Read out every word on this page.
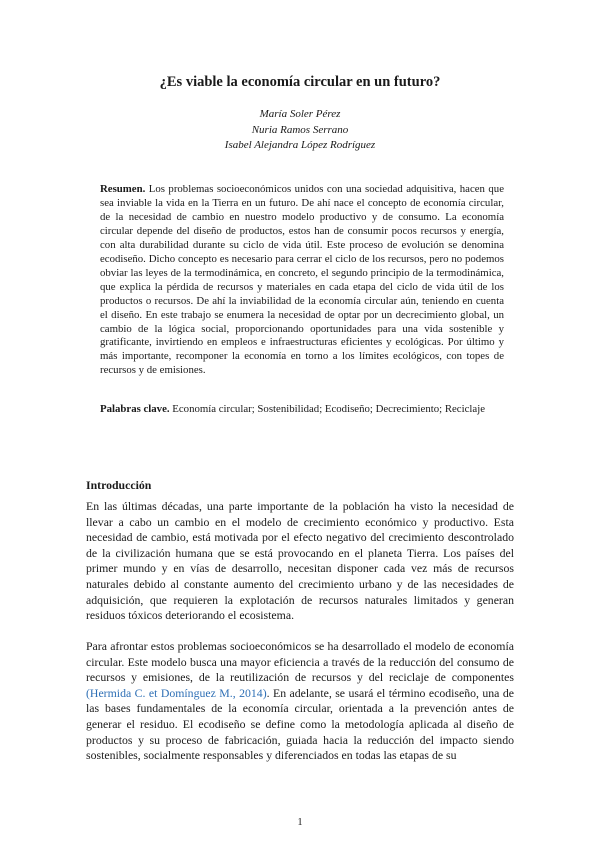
¿Es viable la economía circular en un futuro?
María Soler Pérez
Nuria Ramos Serrano
Isabel Alejandra López Rodríguez
Resumen. Los problemas socioeconómicos unidos con una sociedad adquisitiva, hacen que sea inviable la vida en la Tierra en un futuro. De ahí nace el concepto de economía circular, de la necesidad de cambio en nuestro modelo productivo y de consumo. La economía circular depende del diseño de productos, estos han de consumir pocos recursos y energía, con alta durabilidad durante su ciclo de vida útil. Este proceso de evolución se denomina ecodiseño. Dicho concepto es necesario para cerrar el ciclo de los recursos, pero no podemos obviar las leyes de la termodinámica, en concreto, el segundo principio de la termodinámica, que explica la pérdida de recursos y materiales en cada etapa del ciclo de vida útil de los productos o recursos. De ahí la inviabilidad de la economía circular aún, teniendo en cuenta el diseño. En este trabajo se enumera la necesidad de optar por un decrecimiento global, un cambio de la lógica social, proporcionando oportunidades para una vida sostenible y gratificante, invirtiendo en empleos e infraestructuras eficientes y ecológicas. Por último y más importante, recomponer la economía en torno a los límites ecológicos, con topes de recursos y de emisiones.
Palabras clave. Economía circular; Sostenibilidad; Ecodiseño; Decrecimiento; Reciclaje
Introducción
En las últimas décadas, una parte importante de la población ha visto la necesidad de llevar a cabo un cambio en el modelo de crecimiento económico y productivo. Esta necesidad de cambio, está motivada por el efecto negativo del crecimiento descontrolado de la civilización humana que se está provocando en el planeta Tierra. Los países del primer mundo y en vías de desarrollo, necesitan disponer cada vez más de recursos naturales debido al constante aumento del crecimiento urbano y de las necesidades de adquisición, que requieren la explotación de recursos naturales limitados y generan residuos tóxicos deteriorando el ecosistema.
Para afrontar estos problemas socioeconómicos se ha desarrollado el modelo de economía circular. Este modelo busca una mayor eficiencia a través de la reducción del consumo de recursos y emisiones, de la reutilización de recursos y del reciclaje de componentes (Hermida C. et Domínguez M., 2014). En adelante, se usará el término ecodiseño, una de las bases fundamentales de la economía circular, orientada a la prevención antes de generar el residuo. El ecodiseño se define como la metodología aplicada al diseño de productos y su proceso de fabricación, guiada hacia la reducción del impacto siendo sostenibles, socialmente responsables y diferenciados en todas las etapas de su
1
